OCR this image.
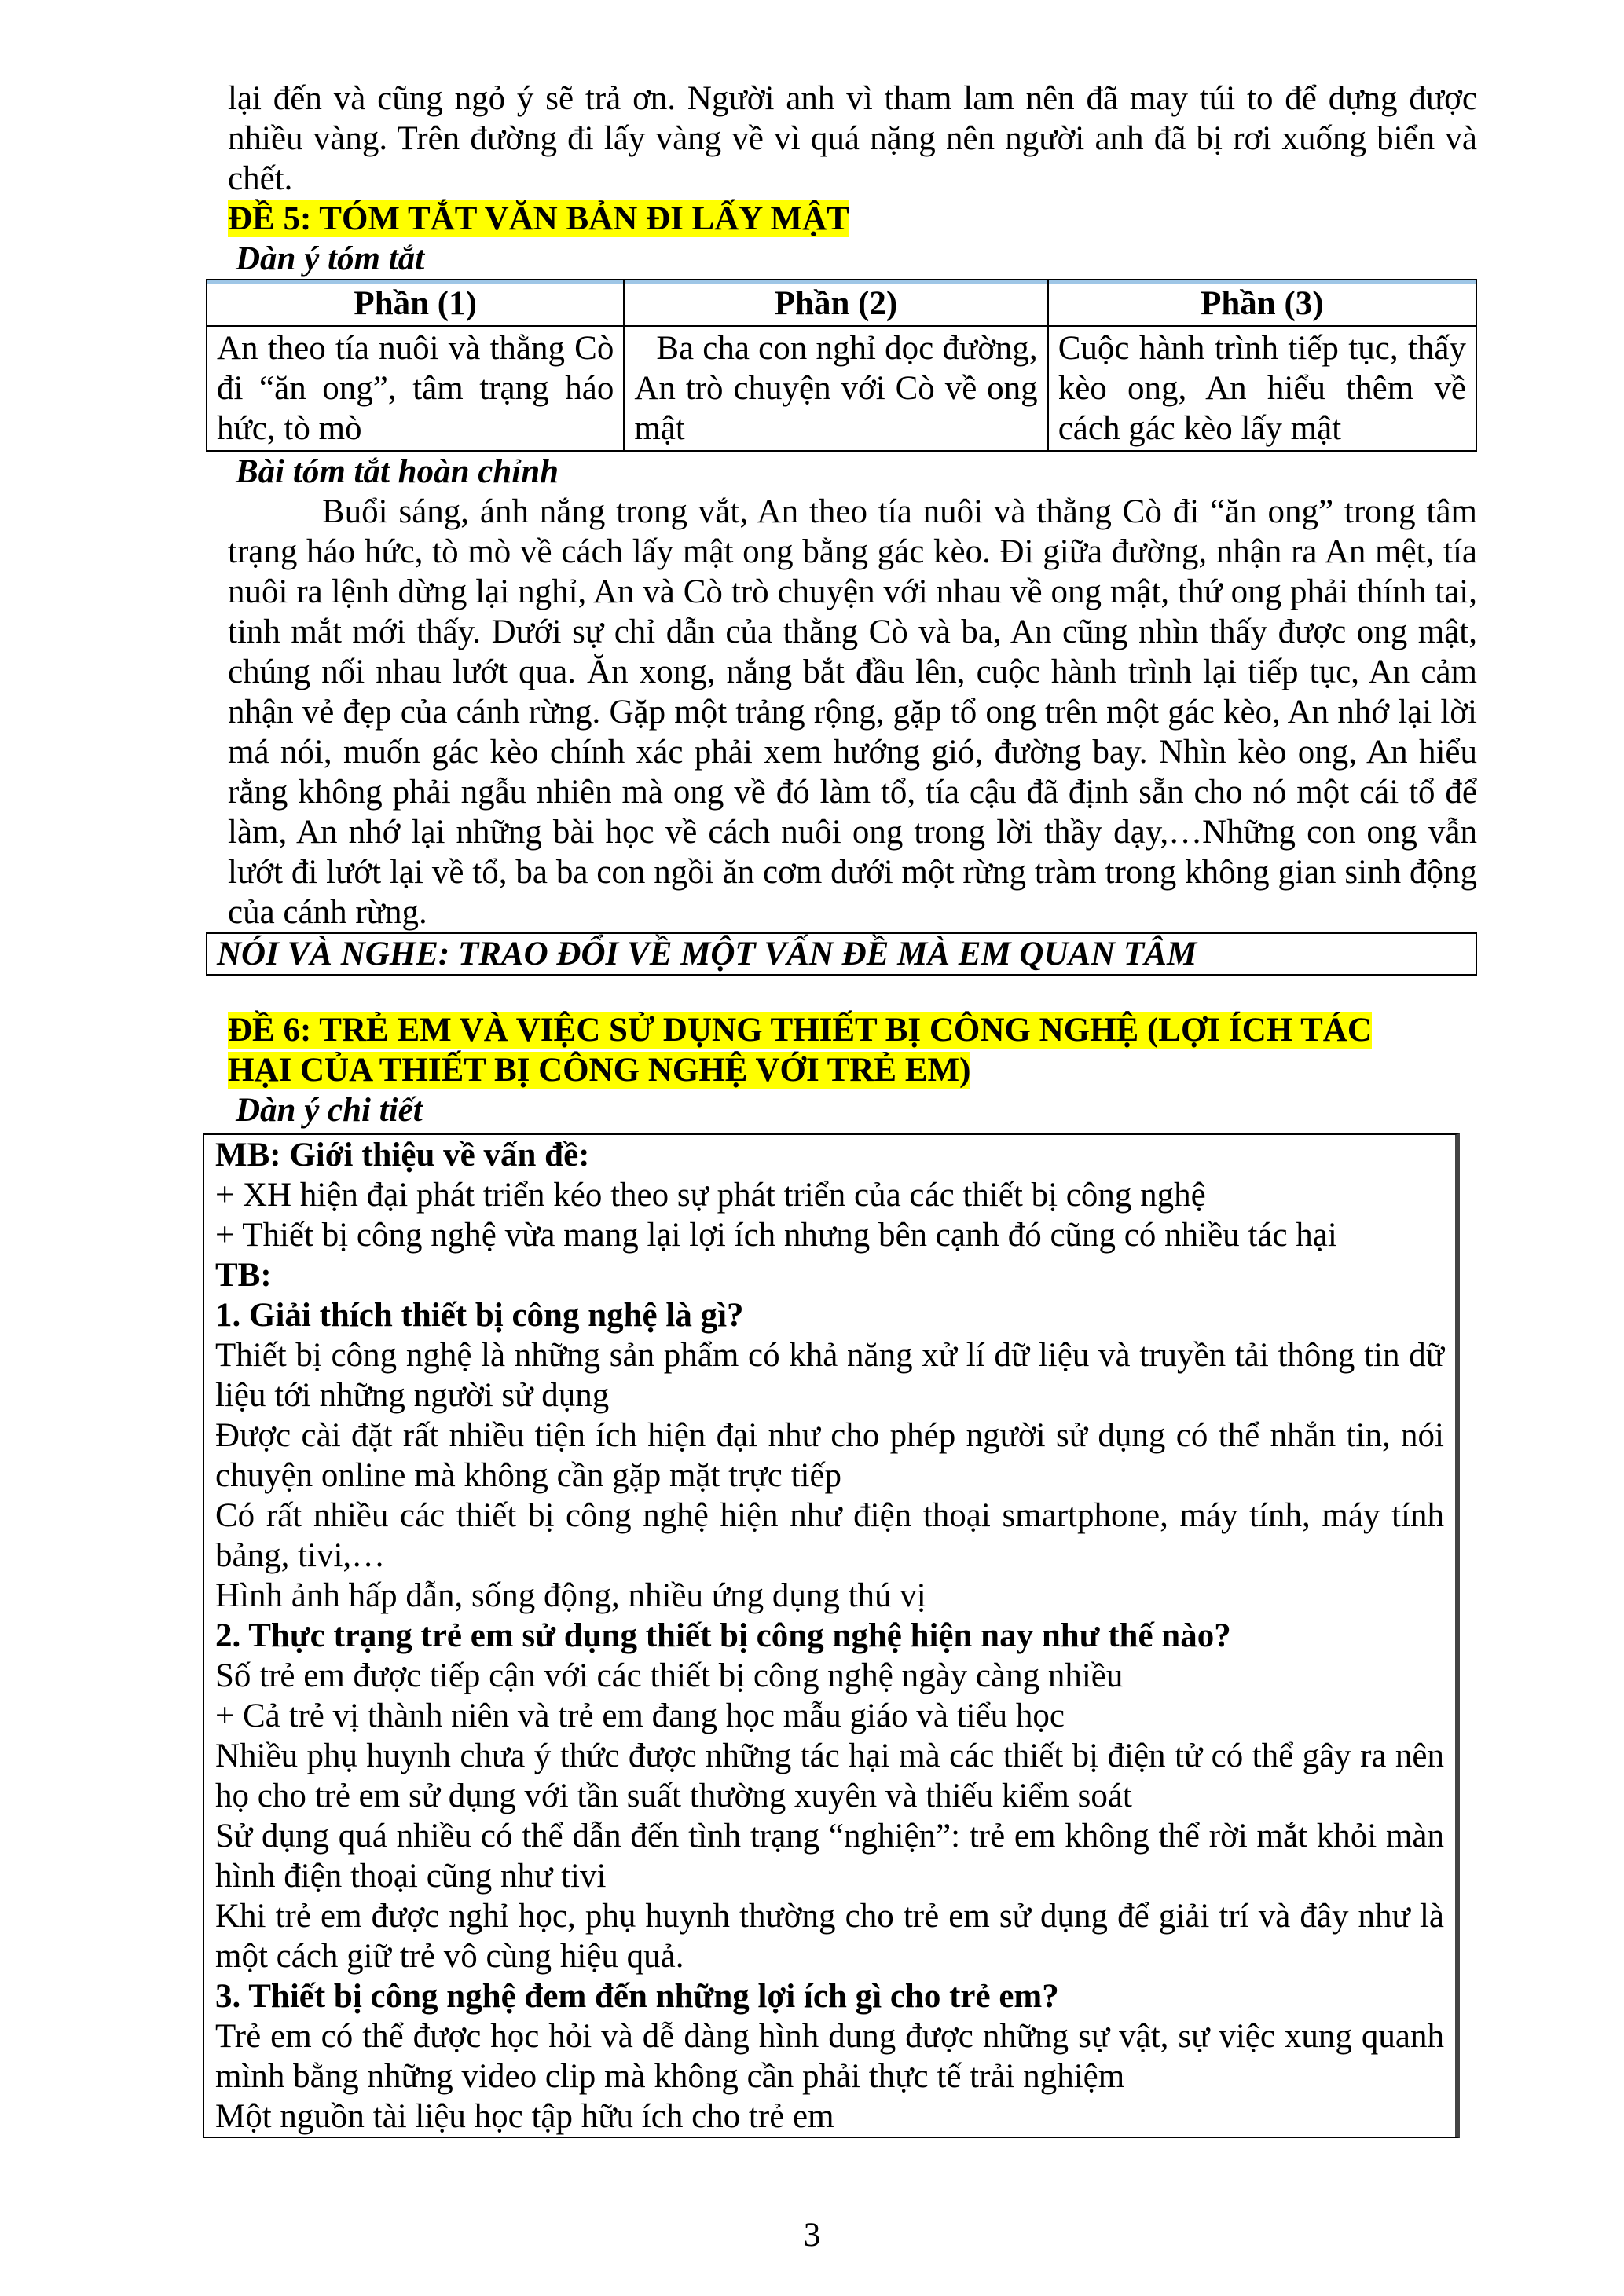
lại đến và cũng ngỏ ý sẽ trả ơn. Người anh vì tham lam nên đã may túi to để dựng được nhiều vàng. Trên đường đi lấy vàng về vì quá nặng nên người anh đã bị rơi xuống biển và chết.

ĐỀ 5: TÓM TẮT VĂN BẢN ĐI LẤY MẬT
Dàn ý tóm tắt
Phần (1)	Phần (2)	Phần (3)
An theo tía nuôi và thằng Cò đi “ăn ong”, tâm trạng háo hức, tò mò	Ba cha con nghỉ dọc đường, An trò chuyện với Cò về ong mật	Cuộc hành trình tiếp tục, thấy kèo ong, An hiểu thêm về cách gác kèo lấy mật
Bài tóm tắt hoàn chỉnh

Buổi sáng, ánh nắng trong vắt, An theo tía nuôi và thằng Cò đi “ăn ong” trong tâm trạng háo hức, tò mò về cách lấy mật ong bằng gác kèo. Đi giữa đường, nhận ra An mệt, tía nuôi ra lệnh dừng lại nghỉ, An và Cò trò chuyện với nhau về ong mật, thứ ong phải thính tai, tinh mắt mới thấy. Dưới sự chỉ dẫn của thằng Cò và ba, An cũng nhìn thấy được ong mật, chúng nối nhau lướt qua. Ăn xong, nắng bắt đầu lên, cuộc hành trình lại tiếp tục, An cảm nhận vẻ đẹp của cánh rừng. Gặp một trảng rộng, gặp tổ ong trên một gác kèo, An nhớ lại lời má nói, muốn gác kèo chính xác phải xem hướng gió, đường bay. Nhìn kèo ong, An hiểu rằng không phải ngẫu nhiên mà ong về đó làm tổ, tía cậu đã định sẵn cho nó một cái tổ để làm, An nhớ lại những bài học về cách nuôi ong trong lời thầy dạy,…Những con ong vẫn lướt đi lướt lại về tổ, ba ba con ngồi ăn cơm dưới một rừng tràm trong không gian sinh động của cánh rừng.

NÓI VÀ NGHE: TRAO ĐỔI VỀ MỘT VẤN ĐỀ MÀ EM QUAN TÂM
ĐỀ 6: TRẺ EM VÀ VIỆC SỬ DỤNG THIẾT BỊ CÔNG NGHỆ (LỢI ÍCH TÁC
HẠI CỦA THIẾT BỊ CÔNG NGHỆ VỚI TRẺ EM)
Dàn ý chi tiết

MB: Giới thiệu về vấn đề:

+ XH hiện đại phát triển kéo theo sự phát triển của các thiết bị công nghệ

+ Thiết bị công nghệ vừa mang lại lợi ích nhưng bên cạnh đó cũng có nhiều tác hại

TB:

1. Giải thích thiết bị công nghệ là gì?

Thiết bị công nghệ là những sản phẩm có khả năng xử lí dữ liệu và truyền tải thông tin dữ liệu tới những người sử dụng

Được cài đặt rất nhiều tiện ích hiện đại như cho phép người sử dụng có thể nhắn tin, nói chuyện online mà không cần gặp mặt trực tiếp

Có rất nhiều các thiết bị công nghệ hiện như điện thoại smartphone, máy tính, máy tính bảng, tivi,…

Hình ảnh hấp dẫn, sống động, nhiều ứng dụng thú vị

2. Thực trạng trẻ em sử dụng thiết bị công nghệ hiện nay như thế nào?

Số trẻ em được tiếp cận với các thiết bị công nghệ ngày càng nhiều

+ Cả trẻ vị thành niên và trẻ em đang học mẫu giáo và tiểu học

Nhiều phụ huynh chưa ý thức được những tác hại mà các thiết bị điện tử có thể gây ra nên họ cho trẻ em sử dụng với tần suất thường xuyên và thiếu kiểm soát

Sử dụng quá nhiều có thể dẫn đến tình trạng “nghiện”: trẻ em không thể rời mắt khỏi màn hình điện thoại cũng như tivi

Khi trẻ em được nghỉ học, phụ huynh thường cho trẻ em sử dụng để giải trí và đây như là một cách giữ trẻ vô cùng hiệu quả.

3. Thiết bị công nghệ đem đến những lợi ích gì cho trẻ em?

Trẻ em có thể được học hỏi và dễ dàng hình dung được những sự vật, sự việc xung quanh mình bằng những video clip mà không cần phải thực tế trải nghiệm

Một nguồn tài liệu học tập hữu ích cho trẻ em

3
